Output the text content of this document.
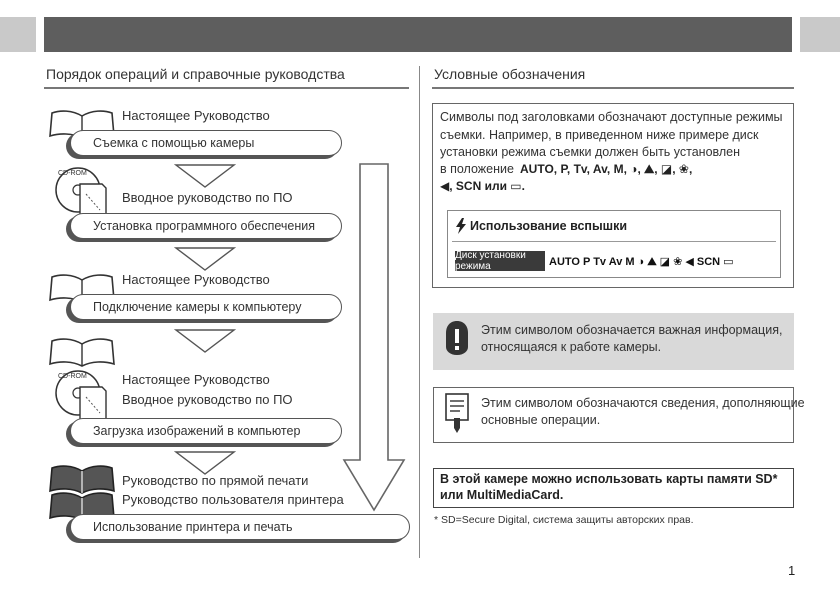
Порядок операций и справочные руководства
Настоящее Руководство
Съемка с помощью камеры
CD-ROM
Вводное руководство по ПО
Установка программного обеспечения
Настоящее Руководство
Подключение камеры к компьютеру
CD-ROM	Настоящее Руководство
Вводное руководство по ПО
Загрузка изображений в компьютер
Руководство по прямой печати
Руководство пользователя принтера
Использование принтера и печать
Условные обозначения
Символы под заголовками обозначают доступные режимы
съемки. Например, в приведенном ниже примере диск
установки режима съемки должен быть установлен
в положение AUTO, P, Tv, Av, M, ◑, ⛰, ◪, ❀,
◀, SCN или ▭.
Использование вспышки
Диск установки режима	AUTO P Tv Av M ◑ ⛰ ◪ ❀ ◀ SCN ▭
Этим символом обозначается важная информация,
относящаяся к работе камеры.
Этим символом обозначаются сведения, дополняющие
основные операции.
В этой камере можно использовать карты памяти SD*
или MultiMediaCard.
* SD=Secure Digital, система защиты авторских прав.
1
